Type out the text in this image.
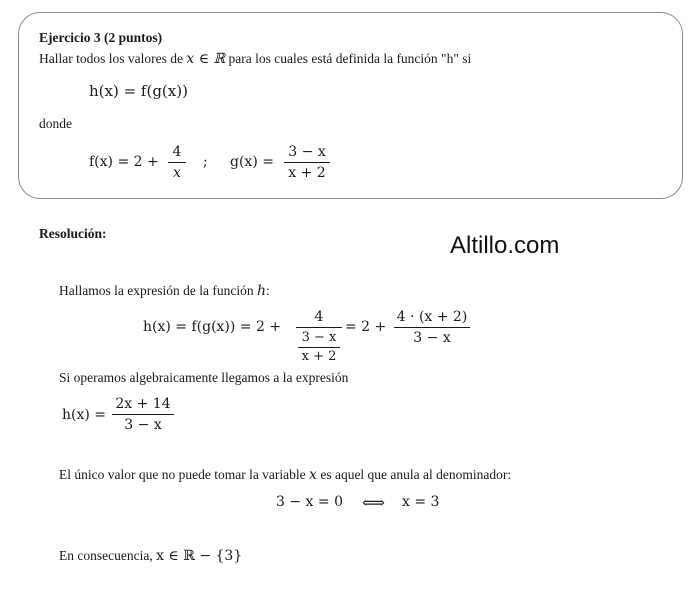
Ejercicio 3 (2 puntos)
Hallar todos los valores de x ∈ ℝ para los cuales está definida la función "h" si
h(x) = f(g(x))
donde
f(x) = 2 +
4
x
; g(x) =
3 − x
x + 2
Resolución:	Altillo.com
Hallamos la expresión de la función h:
h(x) = f(g(x)) = 2 +
4
3 − x
x + 2
= 2 +
4 · (x + 2)
3 − x
Si operamos algebraicamente llegamos a la expresión
h(x) =
2x + 14
3 − x
El único valor que no puede tomar la variable x es aquel que anula al denominador:
3 − x = 0 ⟺ x = 3
En consecuencia, x ∈ ℝ − {3}
